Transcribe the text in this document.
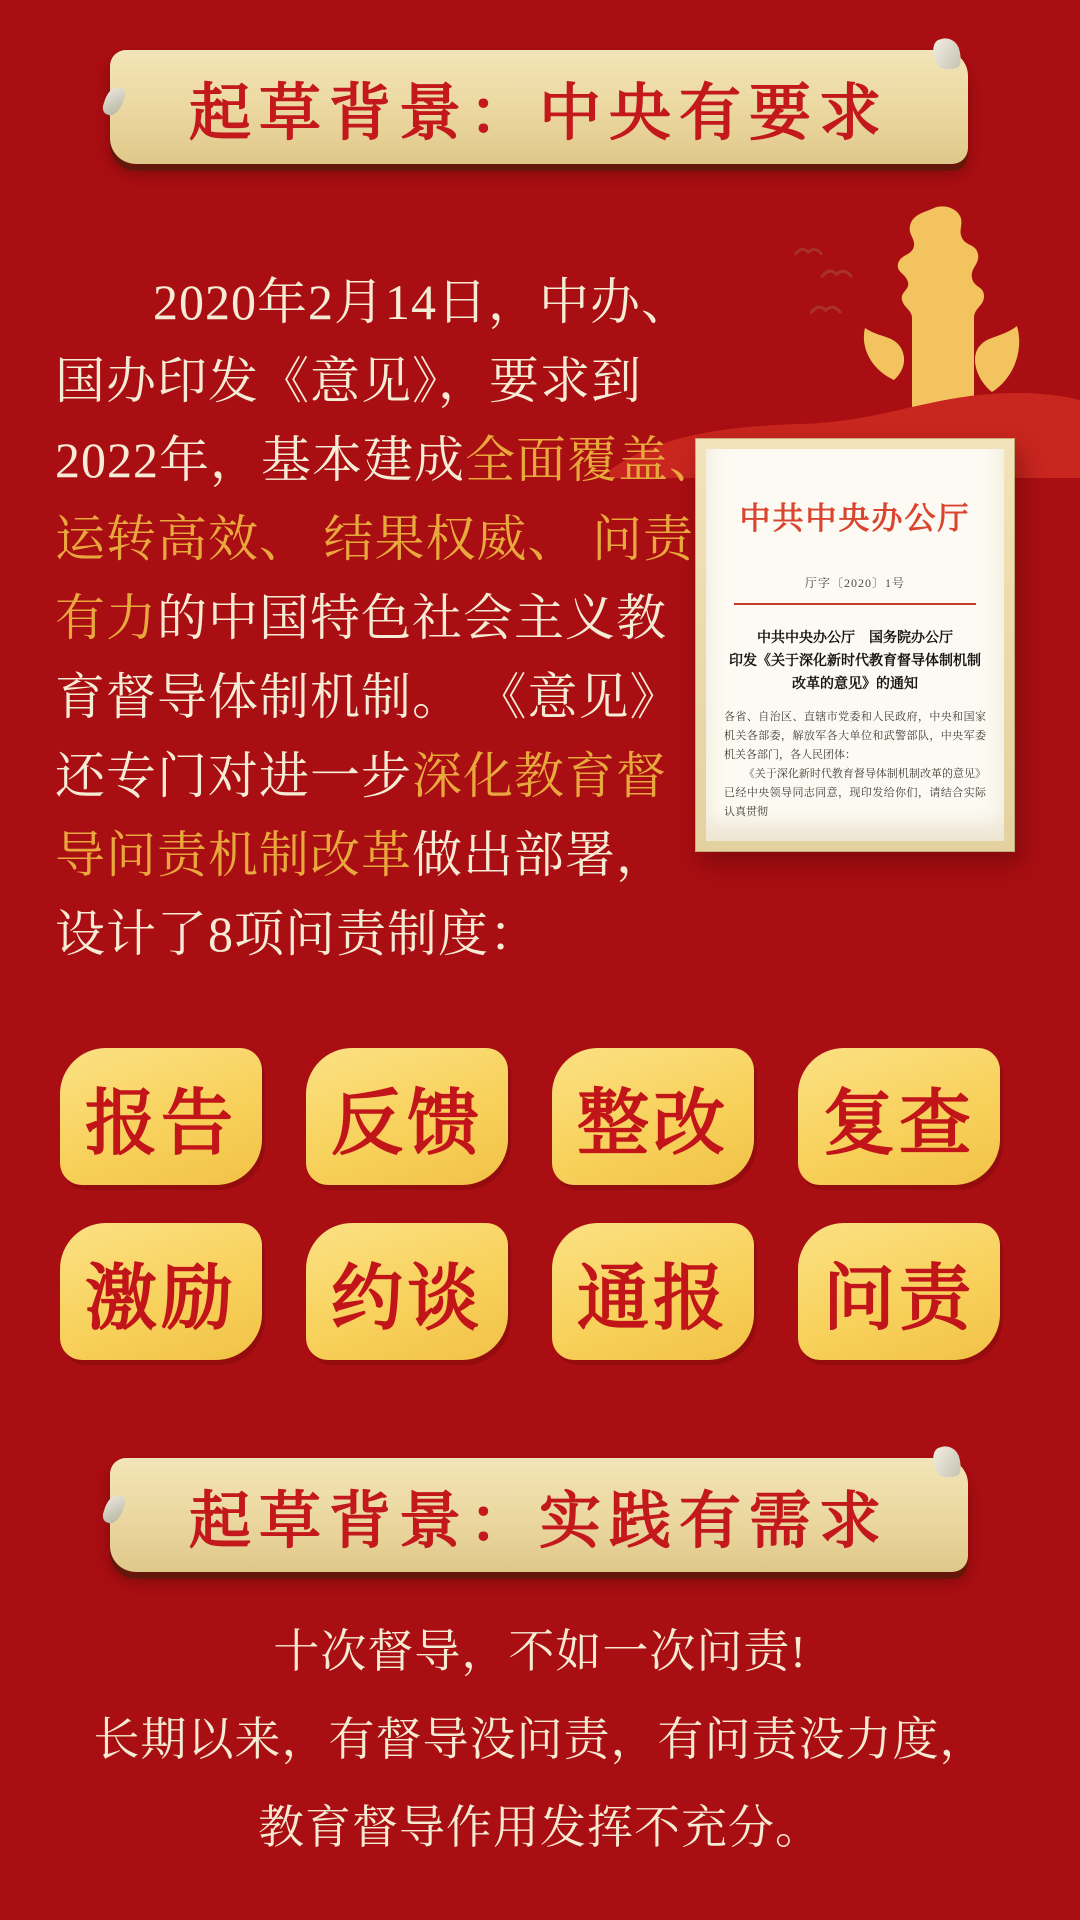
起草背景：中央有要求
中共中央办公厅
厅字〔2020〕1号
中共中央办公厅　国务院办公厅
印发《关于深化新时代教育督导体制机制
改革的意见》的通知

各省、自治区、直辖市党委和人民政府，中央和国家机关各部委，解放军各大单位和武警部队，中央军委机关各部门，各人民团体：

《关于深化新时代教育督导体制机制改革的意见》已经中央领导同志同意，现印发给你们，请结合实际认真贯彻

2020年2月14日，中办、
国办印发《意见》，要求到
2022年，基本建成全面覆盖、
运转高效、 结果权威、 问责
有力的中国特色社会主义教
育督导体制机制。 《意见》
还专门对进一步深化教育督
导问责机制改革做出部署，
设计了8项问责制度：
报告	反馈	整改	复查
激励	约谈	通报	问责
起草背景：实践有需求
十次督导，不如一次问责!
长期以来，有督导没问责，有问责没力度，
教育督导作用发挥不充分。
